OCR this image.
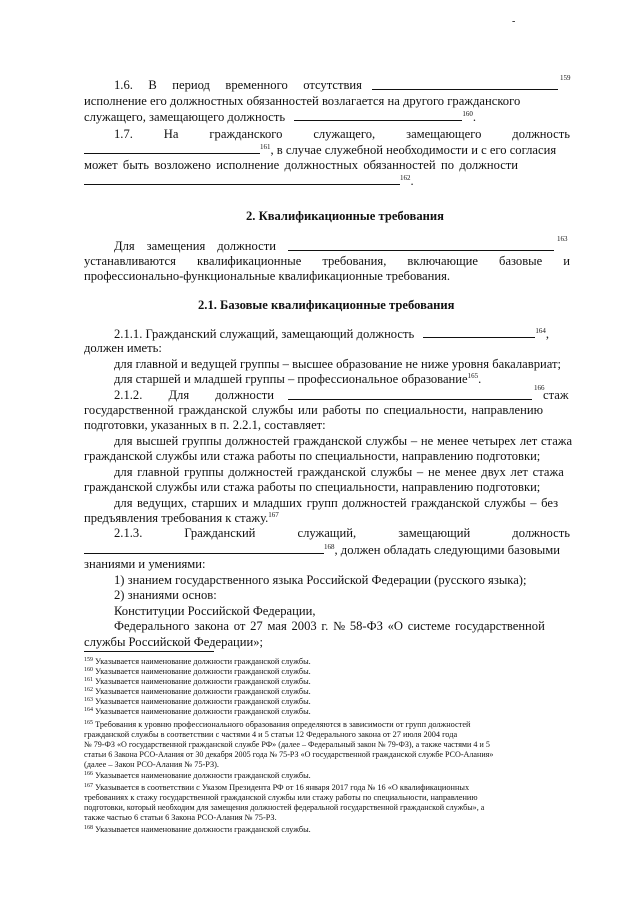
-
1.6. В период временного отсутствия	159
исполнение его должностных обязанностей возлагается на другого гражданского
служащего, замещающего должность	$^{160}$.
1.7. На гражданского служащего, замещающего должность
$^{161}$, в случае служебной необходимости и с его согласия
может быть возложено исполнение должностных обязанностей по должности
$^{162}$.
2. Квалификационные требования
Для замещения должности	163
устанавливаются квалификационные требования, включающие базовые и
профессионально-функциональные квалификационные требования.
2.1. Базовые квалификационные требования
2.1.1. Гражданский служащий, замещающий должность	$^{164}$,
должен иметь:
для главной и ведущей группы – высшее образование не ниже уровня бакалавриат;
для старшей и младшей группы – профессиональное образование$^{165}$.
2.1.2. Для должности	166
стаж
государственной гражданской службы или работы по специальности, направлению
подготовки, указанных в п. 2.2.1, составляет:
для высшей группы должностей гражданской службы – не менее четырех лет стажа
гражданской службы или стажа работы по специальности, направлению подготовки;
для главной группы должностей гражданской службы – не менее двух лет стажа
гражданской службы или стажа работы по специальности, направлению подготовки;
для ведущих, старших и младших групп должностей гражданской службы – без
предъявления требования к стажу.$^{167}$
2.1.3.	Гражданский	служащий,	замещающий	должность
$^{168}$, должен обладать следующими базовыми
знаниями и умениями:
1) знанием государственного языка Российской Федерации (русского языка);
2) знаниями основ:
Конституции Российской Федерации,
Федерального закона от 27 мая 2003 г. № 58-ФЗ «О системе государственной
службы Российской Федерации»;
$^{159}$ Указывается наименование должности гражданской службы.
$^{160}$ Указывается наименование должности гражданской службы.
$^{161}$ Указывается наименование должности гражданской службы.
$^{162}$ Указывается наименование должности гражданской службы.
$^{163}$ Указывается наименование должности гражданской службы.
$^{164}$ Указывается наименование должности гражданской службы.
$^{165}$ Требования к уровню профессионального образования определяются в зависимости от групп должностей
гражданской службы в соответствии с частями 4 и 5 статьи 12 Федерального закона от 27 июля 2004 года
№ 79-ФЗ «О государственной гражданской службе РФ» (далее – Федеральный закон № 79-ФЗ), а также частями 4 и 5
статьи 6 Закона РСО-Алания от 30 декабря 2005 года № 75-РЗ «О государственной гражданской службе РСО-Алания»
(далее – Закон РСО-Алания № 75-РЗ).
$^{166}$ Указывается наименование должности гражданской службы.
$^{167}$ Указывается в соответствии с Указом Президента РФ от 16 января 2017 года № 16 «О квалификационных
требованиях к стажу государственной гражданской службы или стажу работы по специальности, направлению
подготовки, который необходим для замещения должностей федеральной государственной гражданской службы», а
также частью 6 статьи 6 Закона РСО-Алания № 75-РЗ.
$^{168}$ Указывается наименование должности гражданской службы.
